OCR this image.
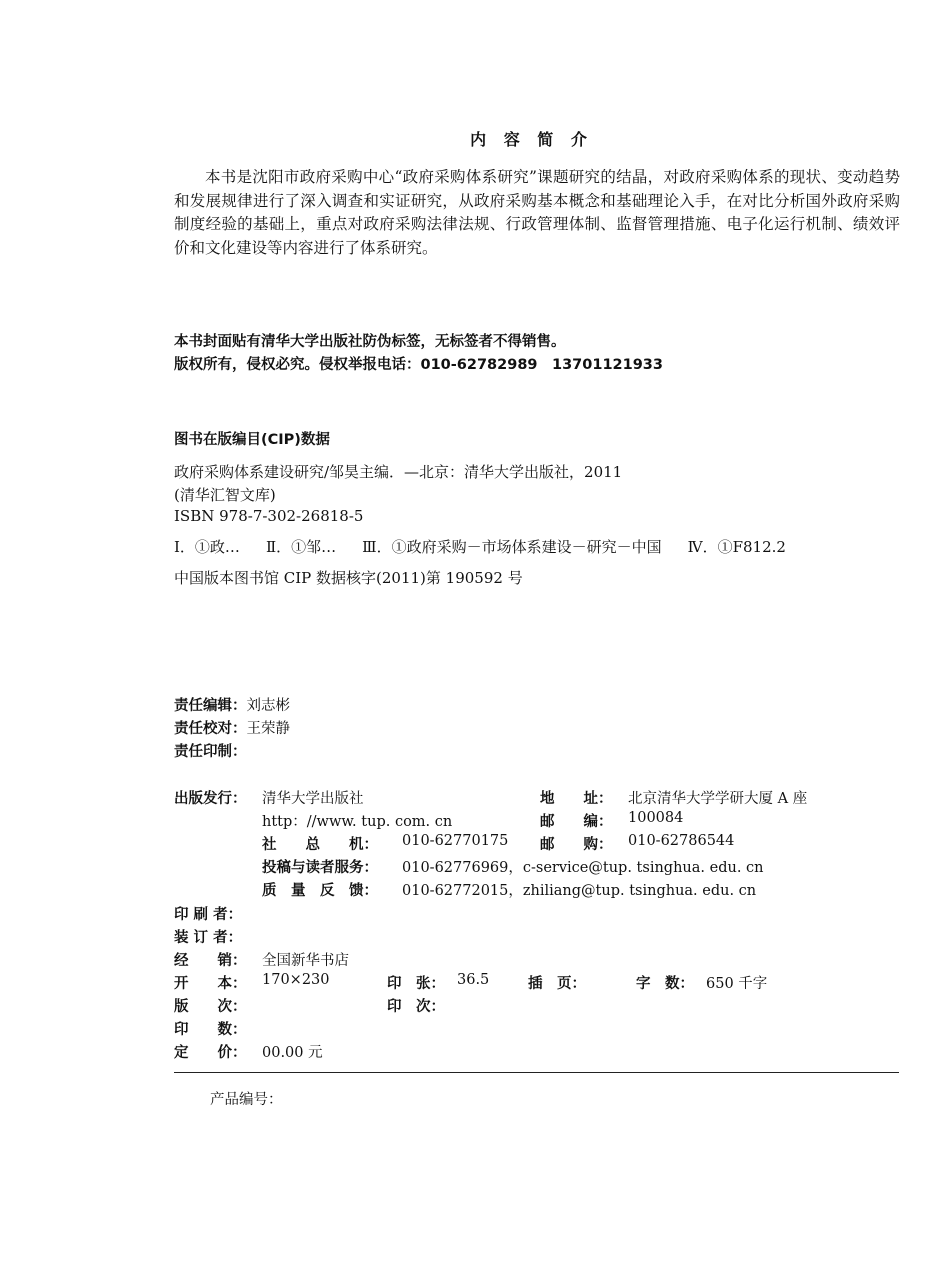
内 容 简 介
本书是沈阳市政府采购中心“政府采购体系研究”课题研究的结晶，对政府采购体系的现状、变动趋势和发展规律进行了深入调查和实证研究，从政府采购基本概念和基础理论入手，在对比分析国外政府采购制度经验的基础上，重点对政府采购法律法规、行政管理体制、监督管理措施、电子化运行机制、绩效评价和文化建设等内容进行了体系研究。
本书封面贴有清华大学出版社防伪标签，无标签者不得销售。
版权所有，侵权必究。侵权举报电话：010-62782989　13701121933
图书在版编目(CIP)数据
政府采购体系建设研究/邹昊主编．—北京：清华大学出版社，2011
(清华汇智文库)
ISBN 978-7-302-26818-5
Ⅰ．①政… Ⅱ．①邹… Ⅲ．①政府采购－市场体系建设－研究－中国 Ⅳ．①F812.2
中国版本图书馆 CIP 数据核字(2011)第 190592 号
责任编辑：刘志彬
责任校对：王荣静
责任印制：
出版发行： 清华大学出版社	地　　址： 北京清华大学学研大厦 A 座
http：//www. tup. com. cn	邮　　编： 100084
社　　总　　机： 010-62770175 邮　　购： 010-62786544
投稿与读者服务： 010-62776969，c-service@tup. tsinghua. edu. cn
质　量　反　馈： 010-62772015，zhiliang@tup. tsinghua. edu. cn
印 刷 者：
装 订 者：
经　　销： 全国新华书店
开　　本： 170×230	印　张： 36.5	插　页：	字　数： 650 千字
版　　次：	印　次：
印　　数：
定　　价： 00.00 元
产品编号：
